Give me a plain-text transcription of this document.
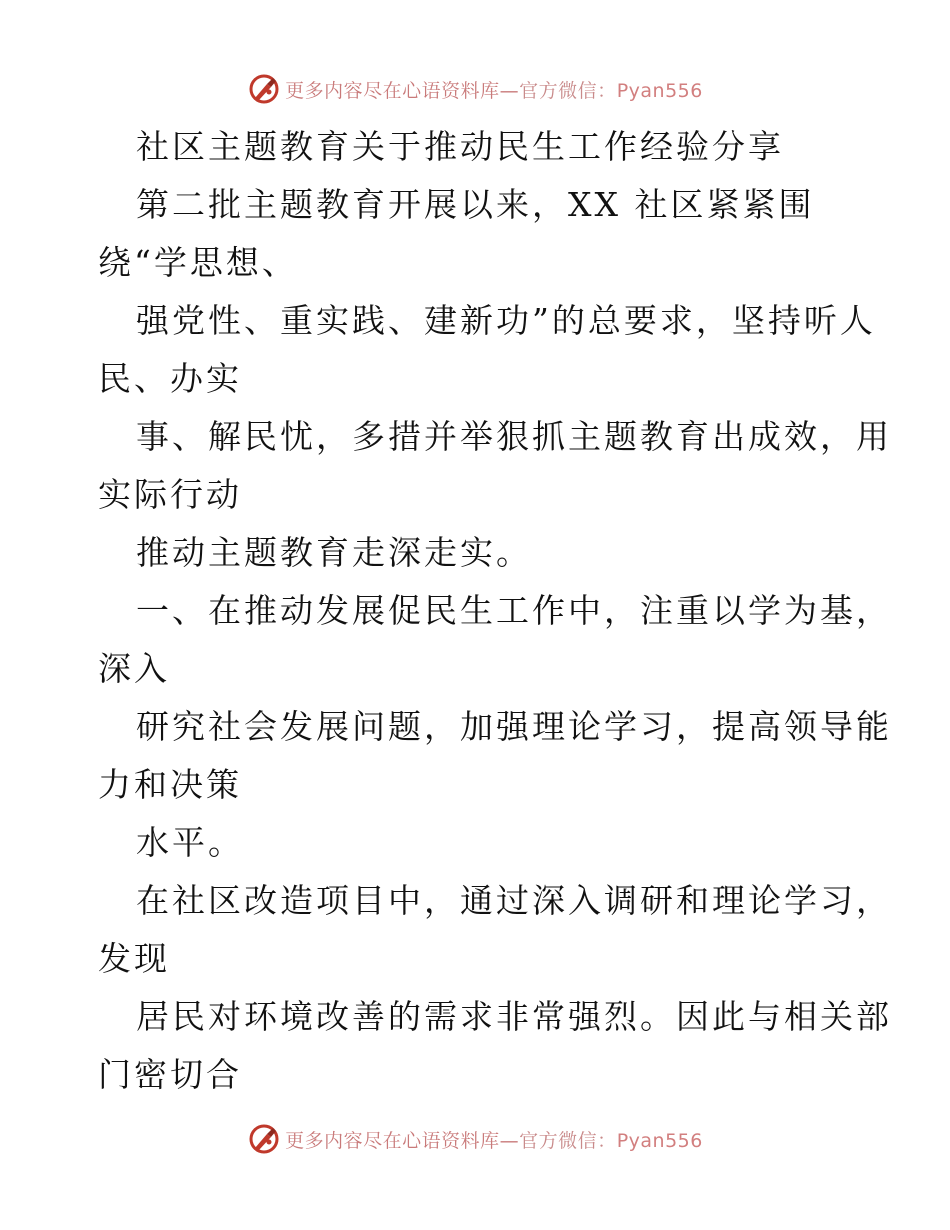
更多内容尽在心语资料库—官方微信：Pyan556
社区主题教育关于推动民生工作经验分享
第二批主题教育开展以来，XX 社区紧紧围
绕“学思想、
强党性、重实践、建新功”的总要求，坚持听人
民、办实
事、解民忧，多措并举狠抓主题教育出成效，用
实际行动
推动主题教育走深走实。
一、在推动发展促民生工作中，注重以学为基，
深入
研究社会发展问题，加强理论学习，提高领导能
力和决策
水平。
在社区改造项目中，通过深入调研和理论学习，
发现
居民对环境改善的需求非常强烈。因此与相关部
门密切合
更多内容尽在心语资料库—官方微信：Pyan556
